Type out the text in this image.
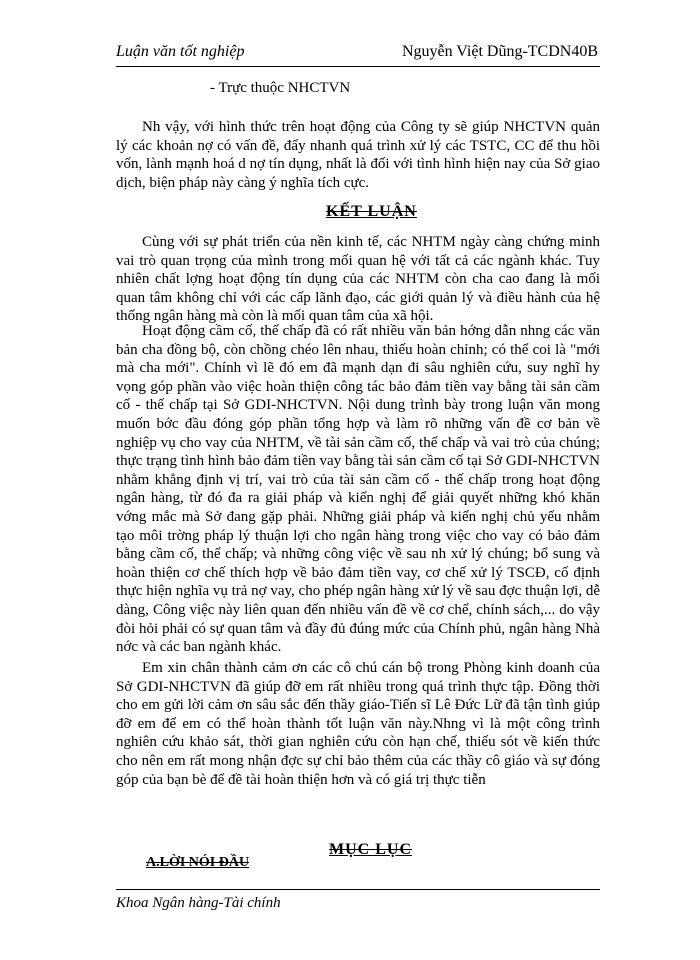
Luận văn tốt nghiệp	Nguyễn Việt Dũng-TCDN40B

- Trực thuộc NHCTVN

Nh vậy, với hình thức trên hoạt động của Công ty sẽ giúp NHCTVN quản lý các khoản nợ có vấn đề, đẩy nhanh quá trình xử lý các TSTC, CC để thu hồi vốn, lành mạnh hoá d nợ tín dụng, nhất là đối với tình hình hiện nay của Sở giao dịch, biện pháp này càng ý nghĩa tích cực.

KẾT LUẬN

Cùng với sự phát triển của nền kinh tế, các NHTM ngày càng chứng minh vai trò quan trọng của mình trong mối quan hệ với tất cả các ngành khác. Tuy nhiên chất lợng hoạt động tín dụng của các NHTM còn cha cao đang là mối quan tâm không chỉ với các cấp lãnh đạo, các giới quản lý và điều hành của hệ thống ngân hàng mà còn là mối quan tâm của xã hội.

Hoạt động cầm cố, thế chấp đã có rất nhiều văn bản hớng dẫn nhng các văn bản cha đồng bộ, còn chồng chéo lên nhau, thiếu hoàn chỉnh; có thể coi là "mới mà cha mới". Chính vì lẽ đó em đã mạnh dạn đi sâu nghiên cứu, suy nghĩ hy vọng góp phần vào việc hoàn thiện công tác bảo đảm tiền vay bằng tài sản cầm cố - thế chấp tại Sở GDI-NHCTVN. Nội dung trình bày trong luận văn mong muốn bớc đầu đóng góp phần tổng hợp và làm rõ những vấn đề cơ bản về nghiệp vụ cho vay của NHTM, về tài sản cầm cố, thế chấp và vai trò của chúng; thực trạng tình hình bảo đảm tiền vay bằng tài sản cầm cố tại Sở GDI-NHCTVN nhằm khẳng định vị trí, vai trò của tài sản cầm cố - thế chấp trong hoạt động ngân hàng, từ đó đa ra giải pháp và kiến nghị để giải quyết những khó khăn vớng mắc mà Sở đang gặp phải. Những giải pháp và kiến nghị chủ yếu nhằm tạo môi trờng pháp lý thuận lợi cho ngân hàng trong việc cho vay có bảo đảm bằng cầm cố, thế chấp; và những công việc về sau nh xử lý chúng; bổ sung và hoàn thiện cơ chế thích hợp về bảo đảm tiền vay, cơ chế xử lý TSCĐ, cố định thực hiện nghĩa vụ trả nợ vay, cho phép ngân hàng xử lý về sau đợc thuận lợi, dễ dàng, Công việc này liên quan đến nhiều vấn đề về cơ chế, chính sách,... do vậy đòi hỏi phải có sự quan tâm và đầy đủ đúng mức của Chính phủ, ngân hàng Nhà nớc và các ban ngành khác.

Em xin chân thành cảm ơn các cô chú cán bộ trong Phòng kinh doanh của Sở GDI-NHCTVN đã giúp đỡ em rất nhiều trong quá trình thực tập. Đồng thời cho em gửi lời cảm ơn sâu sắc đến thầy giáo-Tiến sĩ Lê Đức Lữ đã tận tình giúp đỡ em để em có thể hoàn thành tốt luận văn này.Nhng vì là một công trình nghiên cứu khảo sát, thời gian nghiên cứu còn hạn chế, thiếu sót về kiến thức cho nên em rất mong nhận đợc sự chỉ bảo thêm của các thầy cô giáo và sự đóng góp của bạn bè để đề tài hoàn thiện hơn và có giá trị thực tiễn

MỤC LỤC
A.LỜI NÓI ĐẦU
Khoa Ngân hàng-Tài chính
